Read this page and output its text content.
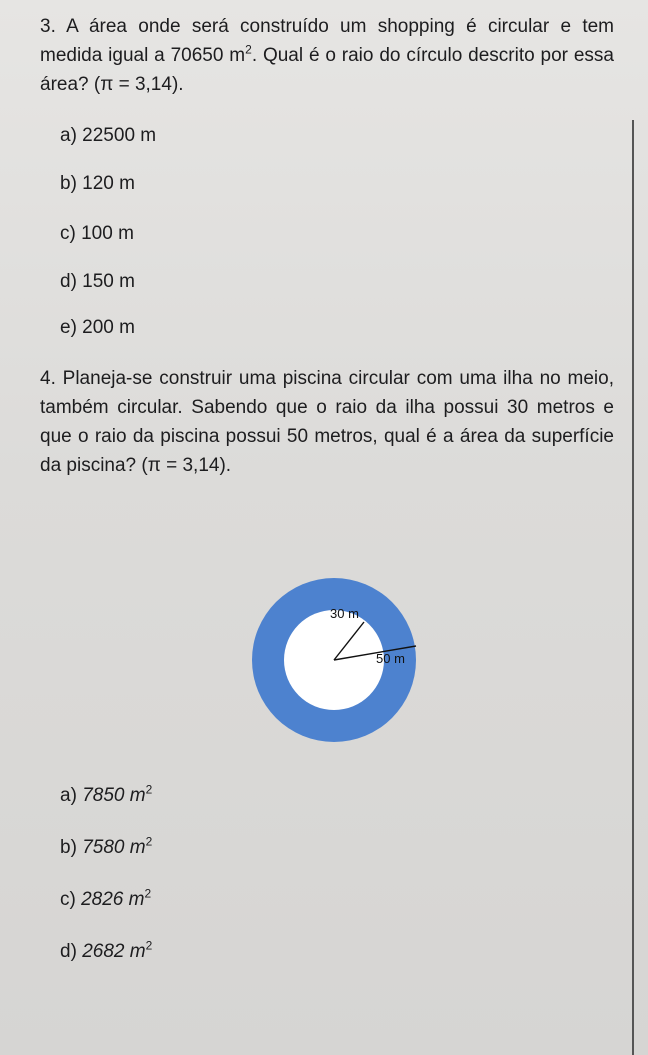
3. A área onde será construído um shopping é circular e tem medida igual a 70650 $m^2$. Qual é o raio do círculo descrito por essa área? (π = 3,14).
a) 22500 m
b) 120 m
c) 100 m
d) 150 m
e) 200 m
4. Planeja-se construir uma piscina circular com uma ilha no meio, também circular. Sabendo que o raio da ilha possui 30 metros e que o raio da piscina possui 50 metros, qual é a área da superfície da piscina? (π = 3,14).
30 m
50 m
a) 7850 $m^2$
b) 7580 $m^2$
c) 2826 $m^2$
d) 2682 $m^2$
